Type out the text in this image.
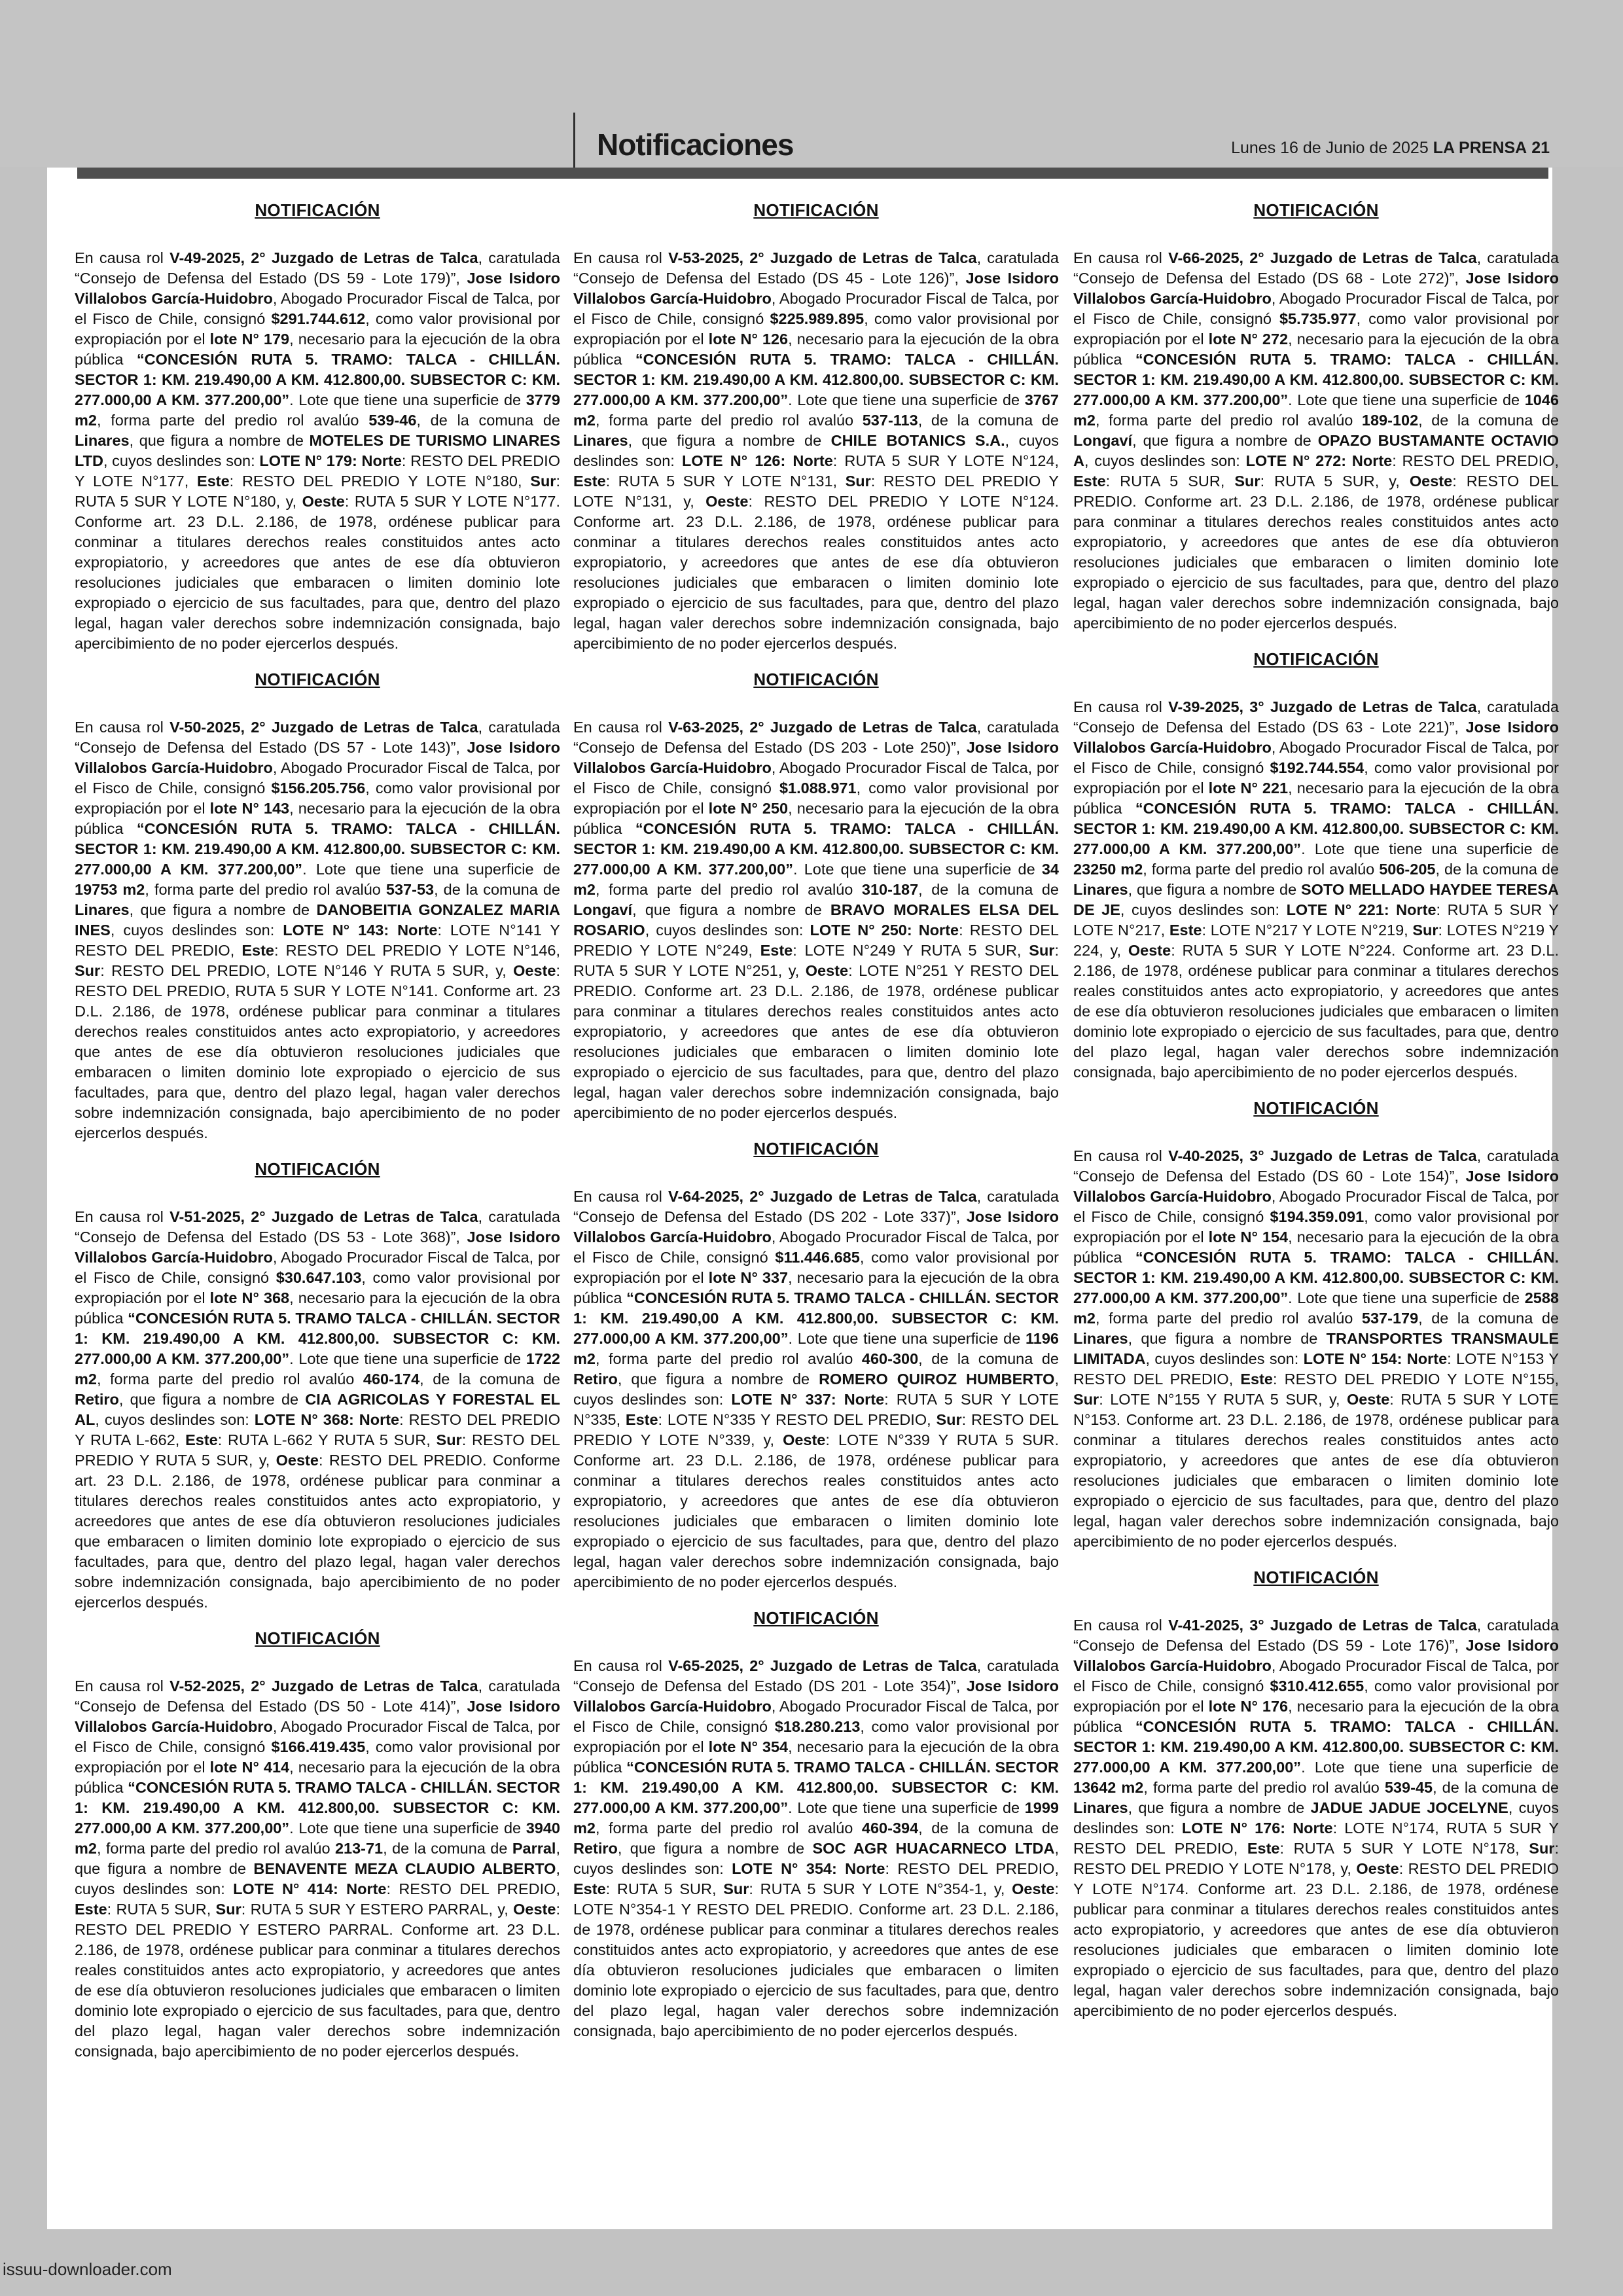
Notificaciones	Lunes 16 de Junio de 2025 LA PRENSA 21
NOTIFICACIÓN

En causa rol V-49-2025, 2° Juzgado de Letras de Talca, caratulada “Consejo de Defensa del Estado (DS 59 - Lote 179)”, Jose Isidoro Villalobos García-Huidobro, Abogado Procurador Fiscal de Talca, por el Fisco de Chile, consignó $291.744.612, como valor provisional por expropiación por el lote N° 179, necesario para la ejecución de la obra pública “CONCESIÓN RUTA 5. TRAMO: TALCA - CHILLÁN. SECTOR 1: KM. 219.490,00 A KM. 412.800,00. SUBSECTOR C: KM. 277.000,00 A KM. 377.200,00”. Lote que tiene una superficie de 3779 m2, forma parte del predio rol avalúo 539-46, de la comuna de Linares, que figura a nombre de MOTELES DE TURISMO LINARES LTD, cuyos deslindes son: LOTE N° 179: Norte: RESTO DEL PREDIO Y LOTE N°177, Este: RESTO DEL PREDIO Y LOTE N°180, Sur: RUTA 5 SUR Y LOTE N°180, y, Oeste: RUTA 5 SUR Y LOTE N°177. Conforme art. 23 D.L. 2.186, de 1978, ordénese publicar para conminar a titulares derechos reales constituidos antes acto expropiatorio, y acreedores que antes de ese día obtuvieron resoluciones judiciales que embaracen o limiten dominio lote expropiado o ejercicio de sus facultades, para que, dentro del plazo legal, hagan valer derechos sobre indemnización consignada, bajo apercibimiento de no poder ejercerlos después.

NOTIFICACIÓN

En causa rol V-50-2025, 2° Juzgado de Letras de Talca, caratulada “Consejo de Defensa del Estado (DS 57 - Lote 143)”, Jose Isidoro Villalobos García-Huidobro, Abogado Procurador Fiscal de Talca, por el Fisco de Chile, consignó $156.205.756, como valor provisional por expropiación por el lote N° 143, necesario para la ejecución de la obra pública “CONCESIÓN RUTA 5. TRAMO: TALCA - CHILLÁN. SECTOR 1: KM. 219.490,00 A KM. 412.800,00. SUBSECTOR C: KM. 277.000,00 A KM. 377.200,00”. Lote que tiene una superficie de 19753 m2, forma parte del predio rol avalúo 537-53, de la comuna de Linares, que figura a nombre de DANOBEITIA GONZALEZ MARIA INES, cuyos deslindes son: LOTE N° 143: Norte: LOTE N°141 Y RESTO DEL PREDIO, Este: RESTO DEL PREDIO Y LOTE N°146, Sur: RESTO DEL PREDIO, LOTE N°146 Y RUTA 5 SUR, y, Oeste: RESTO DEL PREDIO, RUTA 5 SUR Y LOTE N°141. Conforme art. 23 D.L. 2.186, de 1978, ordénese publicar para conminar a titulares derechos reales constituidos antes acto expropiatorio, y acreedores que antes de ese día obtuvieron resoluciones judiciales que embaracen o limiten dominio lote expropiado o ejercicio de sus facultades, para que, dentro del plazo legal, hagan valer derechos sobre indemnización consignada, bajo apercibimiento de no poder ejercerlos después.

NOTIFICACIÓN

En causa rol V-51-2025, 2° Juzgado de Letras de Talca, caratulada “Consejo de Defensa del Estado (DS 53 - Lote 368)”, Jose Isidoro Villalobos García-Huidobro, Abogado Procurador Fiscal de Talca, por el Fisco de Chile, consignó $30.647.103, como valor provisional por expropiación por el lote N° 368, necesario para la ejecución de la obra pública “CONCESIÓN RUTA 5. TRAMO TALCA - CHILLÁN. SECTOR 1: KM. 219.490,00 A KM. 412.800,00. SUBSECTOR C: KM. 277.000,00 A KM. 377.200,00”. Lote que tiene una superficie de 1722 m2, forma parte del predio rol avalúo 460-174, de la comuna de Retiro, que figura a nombre de CIA AGRICOLAS Y FORESTAL EL AL, cuyos deslindes son: LOTE N° 368: Norte: RESTO DEL PREDIO Y RUTA L-662, Este: RUTA L-662 Y RUTA 5 SUR, Sur: RESTO DEL PREDIO Y RUTA 5 SUR, y, Oeste: RESTO DEL PREDIO. Conforme art. 23 D.L. 2.186, de 1978, ordénese publicar para conminar a titulares derechos reales constituidos antes acto expropiatorio, y acreedores que antes de ese día obtuvieron resoluciones judiciales que embaracen o limiten dominio lote expropiado o ejercicio de sus facultades, para que, dentro del plazo legal, hagan valer derechos sobre indemnización consignada, bajo apercibimiento de no poder ejercerlos después.

NOTIFICACIÓN

En causa rol V-52-2025, 2° Juzgado de Letras de Talca, caratulada “Consejo de Defensa del Estado (DS 50 - Lote 414)”, Jose Isidoro Villalobos García-Huidobro, Abogado Procurador Fiscal de Talca, por el Fisco de Chile, consignó $166.419.435, como valor provisional por expropiación por el lote N° 414, necesario para la ejecución de la obra pública “CONCESIÓN RUTA 5. TRAMO TALCA - CHILLÁN. SECTOR 1: KM. 219.490,00 A KM. 412.800,00. SUBSECTOR C: KM. 277.000,00 A KM. 377.200,00”. Lote que tiene una superficie de 3940 m2, forma parte del predio rol avalúo 213-71, de la comuna de Parral, que figura a nombre de BENAVENTE MEZA CLAUDIO ALBERTO, cuyos deslindes son: LOTE N° 414: Norte: RESTO DEL PREDIO, Este: RUTA 5 SUR, Sur: RUTA 5 SUR Y ESTERO PARRAL, y, Oeste: RESTO DEL PREDIO Y ESTERO PARRAL. Conforme art. 23 D.L. 2.186, de 1978, ordénese publicar para conminar a titulares derechos reales constituidos antes acto expropiatorio, y acreedores que antes de ese día obtuvieron resoluciones judiciales que embaracen o limiten dominio lote expropiado o ejercicio de sus facultades, para que, dentro del plazo legal, hagan valer derechos sobre indemnización consignada, bajo apercibimiento de no poder ejercerlos después.

NOTIFICACIÓN

En causa rol V-53-2025, 2° Juzgado de Letras de Talca, caratulada “Consejo de Defensa del Estado (DS 45 - Lote 126)”, Jose Isidoro Villalobos García-Huidobro, Abogado Procurador Fiscal de Talca, por el Fisco de Chile, consignó $225.989.895, como valor provisional por expropiación por el lote N° 126, necesario para la ejecución de la obra pública “CONCESIÓN RUTA 5. TRAMO: TALCA - CHILLÁN. SECTOR 1: KM. 219.490,00 A KM. 412.800,00. SUBSECTOR C: KM. 277.000,00 A KM. 377.200,00”. Lote que tiene una superficie de 3767 m2, forma parte del predio rol avalúo 537-113, de la comuna de Linares, que figura a nombre de CHILE BOTANICS S.A., cuyos deslindes son: LOTE N° 126: Norte: RUTA 5 SUR Y LOTE N°124, Este: RUTA 5 SUR Y LOTE N°131, Sur: RESTO DEL PREDIO Y LOTE N°131, y, Oeste: RESTO DEL PREDIO Y LOTE N°124. Conforme art. 23 D.L. 2.186, de 1978, ordénese publicar para conminar a titulares derechos reales constituidos antes acto expropiatorio, y acreedores que antes de ese día obtuvieron resoluciones judiciales que embaracen o limiten dominio lote expropiado o ejercicio de sus facultades, para que, dentro del plazo legal, hagan valer derechos sobre indemnización consignada, bajo apercibimiento de no poder ejercerlos después.

NOTIFICACIÓN

En causa rol V-63-2025, 2° Juzgado de Letras de Talca, caratulada “Consejo de Defensa del Estado (DS 203 - Lote 250)”, Jose Isidoro Villalobos García-Huidobro, Abogado Procurador Fiscal de Talca, por el Fisco de Chile, consignó $1.088.971, como valor provisional por expropiación por el lote N° 250, necesario para la ejecución de la obra pública “CONCESIÓN RUTA 5. TRAMO: TALCA - CHILLÁN. SECTOR 1: KM. 219.490,00 A KM. 412.800,00. SUBSECTOR C: KM. 277.000,00 A KM. 377.200,00”. Lote que tiene una superficie de 34 m2, forma parte del predio rol avalúo 310-187, de la comuna de Longaví, que figura a nombre de BRAVO MORALES ELSA DEL ROSARIO, cuyos deslindes son: LOTE N° 250: Norte: RESTO DEL PREDIO Y LOTE N°249, Este: LOTE N°249 Y RUTA 5 SUR, Sur: RUTA 5 SUR Y LOTE N°251, y, Oeste: LOTE N°251 Y RESTO DEL PREDIO. Conforme art. 23 D.L. 2.186, de 1978, ordénese publicar para conminar a titulares derechos reales constituidos antes acto expropiatorio, y acreedores que antes de ese día obtuvieron resoluciones judiciales que embaracen o limiten dominio lote expropiado o ejercicio de sus facultades, para que, dentro del plazo legal, hagan valer derechos sobre indemnización consignada, bajo apercibimiento de no poder ejercerlos después.

NOTIFICACIÓN

En causa rol V-64-2025, 2° Juzgado de Letras de Talca, caratulada “Consejo de Defensa del Estado (DS 202 - Lote 337)”, Jose Isidoro Villalobos García-Huidobro, Abogado Procurador Fiscal de Talca, por el Fisco de Chile, consignó $11.446.685, como valor provisional por expropiación por el lote N° 337, necesario para la ejecución de la obra pública “CONCESIÓN RUTA 5. TRAMO TALCA - CHILLÁN. SECTOR 1: KM. 219.490,00 A KM. 412.800,00. SUBSECTOR C: KM. 277.000,00 A KM. 377.200,00”. Lote que tiene una superficie de 1196 m2, forma parte del predio rol avalúo 460-300, de la comuna de Retiro, que figura a nombre de ROMERO QUIROZ HUMBERTO, cuyos deslindes son: LOTE N° 337: Norte: RUTA 5 SUR Y LOTE N°335, Este: LOTE N°335 Y RESTO DEL PREDIO, Sur: RESTO DEL PREDIO Y LOTE N°339, y, Oeste: LOTE N°339 Y RUTA 5 SUR. Conforme art. 23 D.L. 2.186, de 1978, ordénese publicar para conminar a titulares derechos reales constituidos antes acto expropiatorio, y acreedores que antes de ese día obtuvieron resoluciones judiciales que embaracen o limiten dominio lote expropiado o ejercicio de sus facultades, para que, dentro del plazo legal, hagan valer derechos sobre indemnización consignada, bajo apercibimiento de no poder ejercerlos después.

NOTIFICACIÓN

En causa rol V-65-2025, 2° Juzgado de Letras de Talca, caratulada “Consejo de Defensa del Estado (DS 201 - Lote 354)”, Jose Isidoro Villalobos García-Huidobro, Abogado Procurador Fiscal de Talca, por el Fisco de Chile, consignó $18.280.213, como valor provisional por expropiación por el lote N° 354, necesario para la ejecución de la obra pública “CONCESIÓN RUTA 5. TRAMO TALCA - CHILLÁN. SECTOR 1: KM. 219.490,00 A KM. 412.800,00. SUBSECTOR C: KM. 277.000,00 A KM. 377.200,00”. Lote que tiene una superficie de 1999 m2, forma parte del predio rol avalúo 460-394, de la comuna de Retiro, que figura a nombre de SOC AGR HUACARNECO LTDA, cuyos deslindes son: LOTE N° 354: Norte: RESTO DEL PREDIO, Este: RUTA 5 SUR, Sur: RUTA 5 SUR Y LOTE N°354-1, y, Oeste: LOTE N°354-1 Y RESTO DEL PREDIO. Conforme art. 23 D.L. 2.186, de 1978, ordénese publicar para conminar a titulares derechos reales constituidos antes acto expropiatorio, y acreedores que antes de ese día obtuvieron resoluciones judiciales que embaracen o limiten dominio lote expropiado o ejercicio de sus facultades, para que, dentro del plazo legal, hagan valer derechos sobre indemnización consignada, bajo apercibimiento de no poder ejercerlos después.

NOTIFICACIÓN

En causa rol V-66-2025, 2° Juzgado de Letras de Talca, caratulada “Consejo de Defensa del Estado (DS 68 - Lote 272)”, Jose Isidoro Villalobos García-Huidobro, Abogado Procurador Fiscal de Talca, por el Fisco de Chile, consignó $5.735.977, como valor provisional por expropiación por el lote N° 272, necesario para la ejecución de la obra pública “CONCESIÓN RUTA 5. TRAMO: TALCA - CHILLÁN. SECTOR 1: KM. 219.490,00 A KM. 412.800,00. SUBSECTOR C: KM. 277.000,00 A KM. 377.200,00”. Lote que tiene una superficie de 1046 m2, forma parte del predio rol avalúo 189-102, de la comuna de Longaví, que figura a nombre de OPAZO BUSTAMANTE OCTAVIO A, cuyos deslindes son: LOTE N° 272: Norte: RESTO DEL PREDIO, Este: RUTA 5 SUR, Sur: RUTA 5 SUR, y, Oeste: RESTO DEL PREDIO. Conforme art. 23 D.L. 2.186, de 1978, ordénese publicar para conminar a titulares derechos reales constituidos antes acto expropiatorio, y acreedores que antes de ese día obtuvieron resoluciones judiciales que embaracen o limiten dominio lote expropiado o ejercicio de sus facultades, para que, dentro del plazo legal, hagan valer derechos sobre indemnización consignada, bajo apercibimiento de no poder ejercerlos después.

NOTIFICACIÓN

En causa rol V-39-2025, 3° Juzgado de Letras de Talca, caratulada “Consejo de Defensa del Estado (DS 63 - Lote 221)”, Jose Isidoro Villalobos García-Huidobro, Abogado Procurador Fiscal de Talca, por el Fisco de Chile, consignó $192.744.554, como valor provisional por expropiación por el lote N° 221, necesario para la ejecución de la obra pública “CONCESIÓN RUTA 5. TRAMO: TALCA - CHILLÁN. SECTOR 1: KM. 219.490,00 A KM. 412.800,00. SUBSECTOR C: KM. 277.000,00 A KM. 377.200,00”. Lote que tiene una superficie de 23250 m2, forma parte del predio rol avalúo 506-205, de la comuna de Linares, que figura a nombre de SOTO MELLADO HAYDEE TERESA DE JE, cuyos deslindes son: LOTE N° 221: Norte: RUTA 5 SUR Y LOTE N°217, Este: LOTE N°217 Y LOTE N°219, Sur: LOTES N°219 Y 224, y, Oeste: RUTA 5 SUR Y LOTE N°224. Conforme art. 23 D.L. 2.186, de 1978, ordénese publicar para conminar a titulares derechos reales constituidos antes acto expropiatorio, y acreedores que antes de ese día obtuvieron resoluciones judiciales que embaracen o limiten dominio lote expropiado o ejercicio de sus facultades, para que, dentro del plazo legal, hagan valer derechos sobre indemnización consignada, bajo apercibimiento de no poder ejercerlos después.

NOTIFICACIÓN

En causa rol V-40-2025, 3° Juzgado de Letras de Talca, caratulada “Consejo de Defensa del Estado (DS 60 - Lote 154)”, Jose Isidoro Villalobos García-Huidobro, Abogado Procurador Fiscal de Talca, por el Fisco de Chile, consignó $194.359.091, como valor provisional por expropiación por el lote N° 154, necesario para la ejecución de la obra pública “CONCESIÓN RUTA 5. TRAMO: TALCA - CHILLÁN. SECTOR 1: KM. 219.490,00 A KM. 412.800,00. SUBSECTOR C: KM. 277.000,00 A KM. 377.200,00”. Lote que tiene una superficie de 2588 m2, forma parte del predio rol avalúo 537-179, de la comuna de Linares, que figura a nombre de TRANSPORTES TRANSMAULE LIMITADA, cuyos deslindes son: LOTE N° 154: Norte: LOTE N°153 Y RESTO DEL PREDIO, Este: RESTO DEL PREDIO Y LOTE N°155, Sur: LOTE N°155 Y RUTA 5 SUR, y, Oeste: RUTA 5 SUR Y LOTE N°153. Conforme art. 23 D.L. 2.186, de 1978, ordénese publicar para conminar a titulares derechos reales constituidos antes acto expropiatorio, y acreedores que antes de ese día obtuvieron resoluciones judiciales que embaracen o limiten dominio lote expropiado o ejercicio de sus facultades, para que, dentro del plazo legal, hagan valer derechos sobre indemnización consignada, bajo apercibimiento de no poder ejercerlos después.

NOTIFICACIÓN

En causa rol V-41-2025, 3° Juzgado de Letras de Talca, caratulada “Consejo de Defensa del Estado (DS 59 - Lote 176)”, Jose Isidoro Villalobos García-Huidobro, Abogado Procurador Fiscal de Talca, por el Fisco de Chile, consignó $310.412.655, como valor provisional por expropiación por el lote N° 176, necesario para la ejecución de la obra pública “CONCESIÓN RUTA 5. TRAMO: TALCA - CHILLÁN. SECTOR 1: KM. 219.490,00 A KM. 412.800,00. SUBSECTOR C: KM. 277.000,00 A KM. 377.200,00”. Lote que tiene una superficie de 13642 m2, forma parte del predio rol avalúo 539-45, de la comuna de Linares, que figura a nombre de JADUE JADUE JOCELYNE, cuyos deslindes son: LOTE N° 176: Norte: LOTE N°174, RUTA 5 SUR Y RESTO DEL PREDIO, Este: RUTA 5 SUR Y LOTE N°178, Sur: RESTO DEL PREDIO Y LOTE N°178, y, Oeste: RESTO DEL PREDIO Y LOTE N°174. Conforme art. 23 D.L. 2.186, de 1978, ordénese publicar para conminar a titulares derechos reales constituidos antes acto expropiatorio, y acreedores que antes de ese día obtuvieron resoluciones judiciales que embaracen o limiten dominio lote expropiado o ejercicio de sus facultades, para que, dentro del plazo legal, hagan valer derechos sobre indemnización consignada, bajo apercibimiento de no poder ejercerlos después.

issuu-downloader.com
